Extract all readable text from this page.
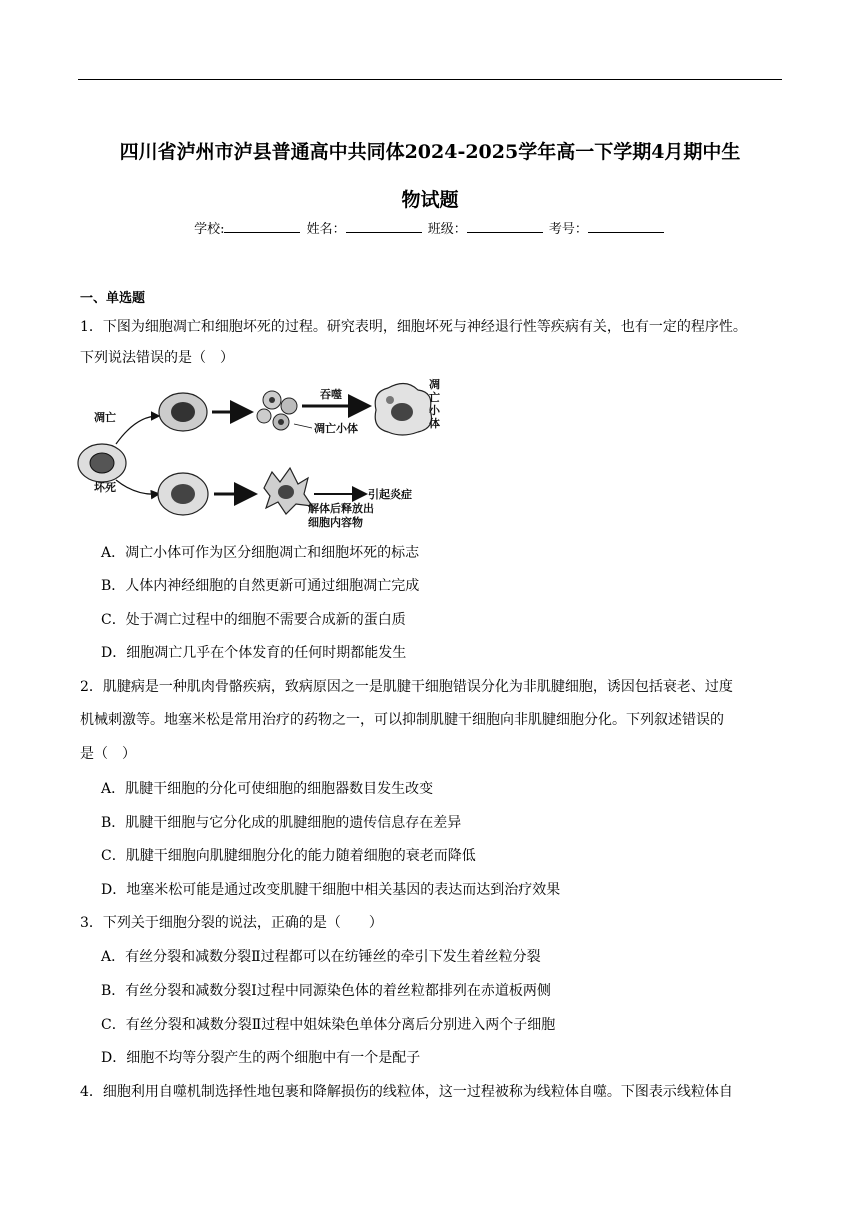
四川省泸州市泸县普通高中共同体2024-2025学年高一下学期4月期中生
物试题
学校:	姓名：	班级：	考号：
一、单选题
1．下图为细胞凋亡和细胞坏死的过程。研究表明，细胞坏死与神经退行性等疾病有关，也有一定的程序性。
下列说法错误的是（　）
凋亡
坏死
凋亡小体
吞噬
凋
亡
小
体
引起炎症
解体后释放出
细胞内容物
A．凋亡小体可作为区分细胞凋亡和细胞坏死的标志
B．人体内神经细胞的自然更新可通过细胞凋亡完成
C．处于凋亡过程中的细胞不需要合成新的蛋白质
D．细胞凋亡几乎在个体发育的任何时期都能发生
2．肌腱病是一种肌肉骨骼疾病，致病原因之一是肌腱干细胞错误分化为非肌腱细胞，诱因包括衰老、过度
机械刺激等。地塞米松是常用治疗的药物之一，可以抑制肌腱干细胞向非肌腱细胞分化。下列叙述错误的
是（　）
A．肌腱干细胞的分化可使细胞的细胞器数目发生改变
B．肌腱干细胞与它分化成的肌腱细胞的遗传信息存在差异
C．肌腱干细胞向肌腱细胞分化的能力随着细胞的衰老而降低
D．地塞米松可能是通过改变肌腱干细胞中相关基因的表达而达到治疗效果
3．下列关于细胞分裂的说法，正确的是（　　）
A．有丝分裂和减数分裂Ⅱ过程都可以在纺锤丝的牵引下发生着丝粒分裂
B．有丝分裂和减数分裂Ⅰ过程中同源染色体的着丝粒都排列在赤道板两侧
C．有丝分裂和减数分裂Ⅱ过程中姐妹染色单体分离后分别进入两个子细胞
D．细胞不均等分裂产生的两个细胞中有一个是配子
4．细胞利用自噬机制选择性地包裹和降解损伤的线粒体，这一过程被称为线粒体自噬。下图表示线粒体自
